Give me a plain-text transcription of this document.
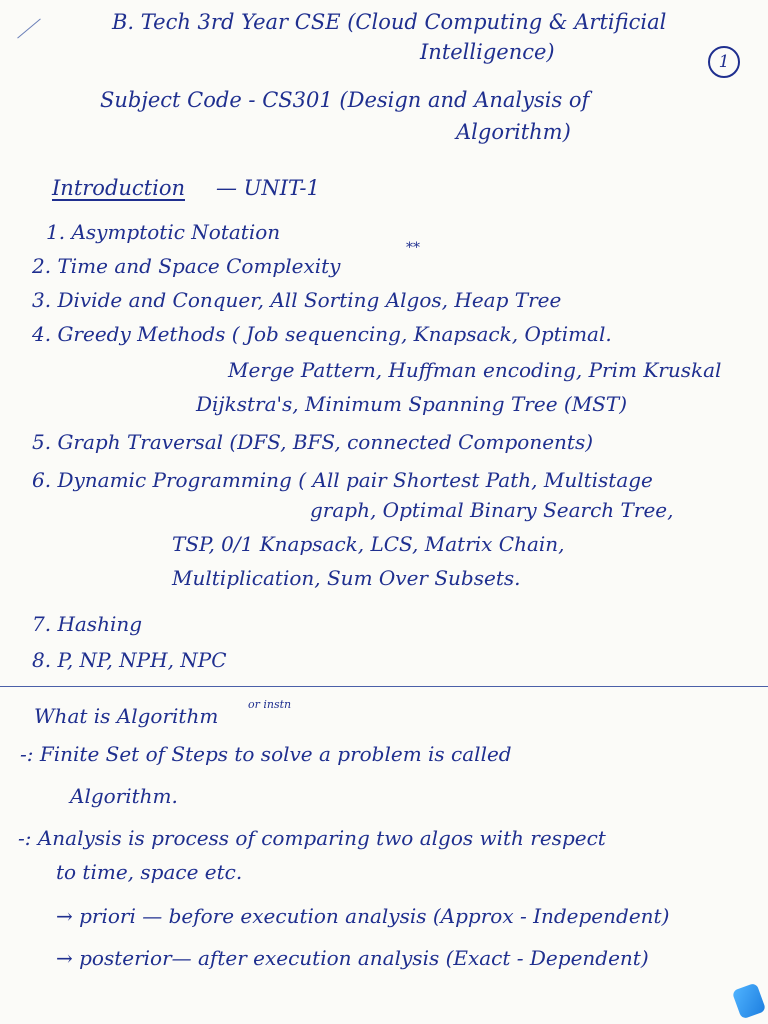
B. Tech 3rd Year CSE (Cloud Computing & Artificial
Intelligence)	1
Subject Code - CS301 (Design and Analysis of
Algorithm)
Introduction — UNIT-1
1. Asymptotic Notation
2. Time and Space Complexity
**
3. Divide and Conquer, All Sorting Algos, Heap Tree
4. Greedy Methods ( Job sequencing, Knapsack, Optimal.
Merge Pattern, Huffman encoding, Prim Kruskal
Dijkstra's, Minimum Spanning Tree (MST)
5. Graph Traversal (DFS, BFS, connected Components)
6. Dynamic Programming ( All pair Shortest Path, Multistage
graph, Optimal Binary Search Tree,
TSP, 0/1 Knapsack, LCS, Matrix Chain,
Multiplication, Sum Over Subsets.
7. Hashing
8. P, NP, NPH, NPC
What is Algorithm	or instn
-: Finite Set of Steps to solve a problem is called
Algorithm.
-: Analysis is process of comparing two algos with respect
to time, space etc.
→ priori — before execution analysis (Approx - Independent)
→ posterior— after execution analysis (Exact - Dependent)
